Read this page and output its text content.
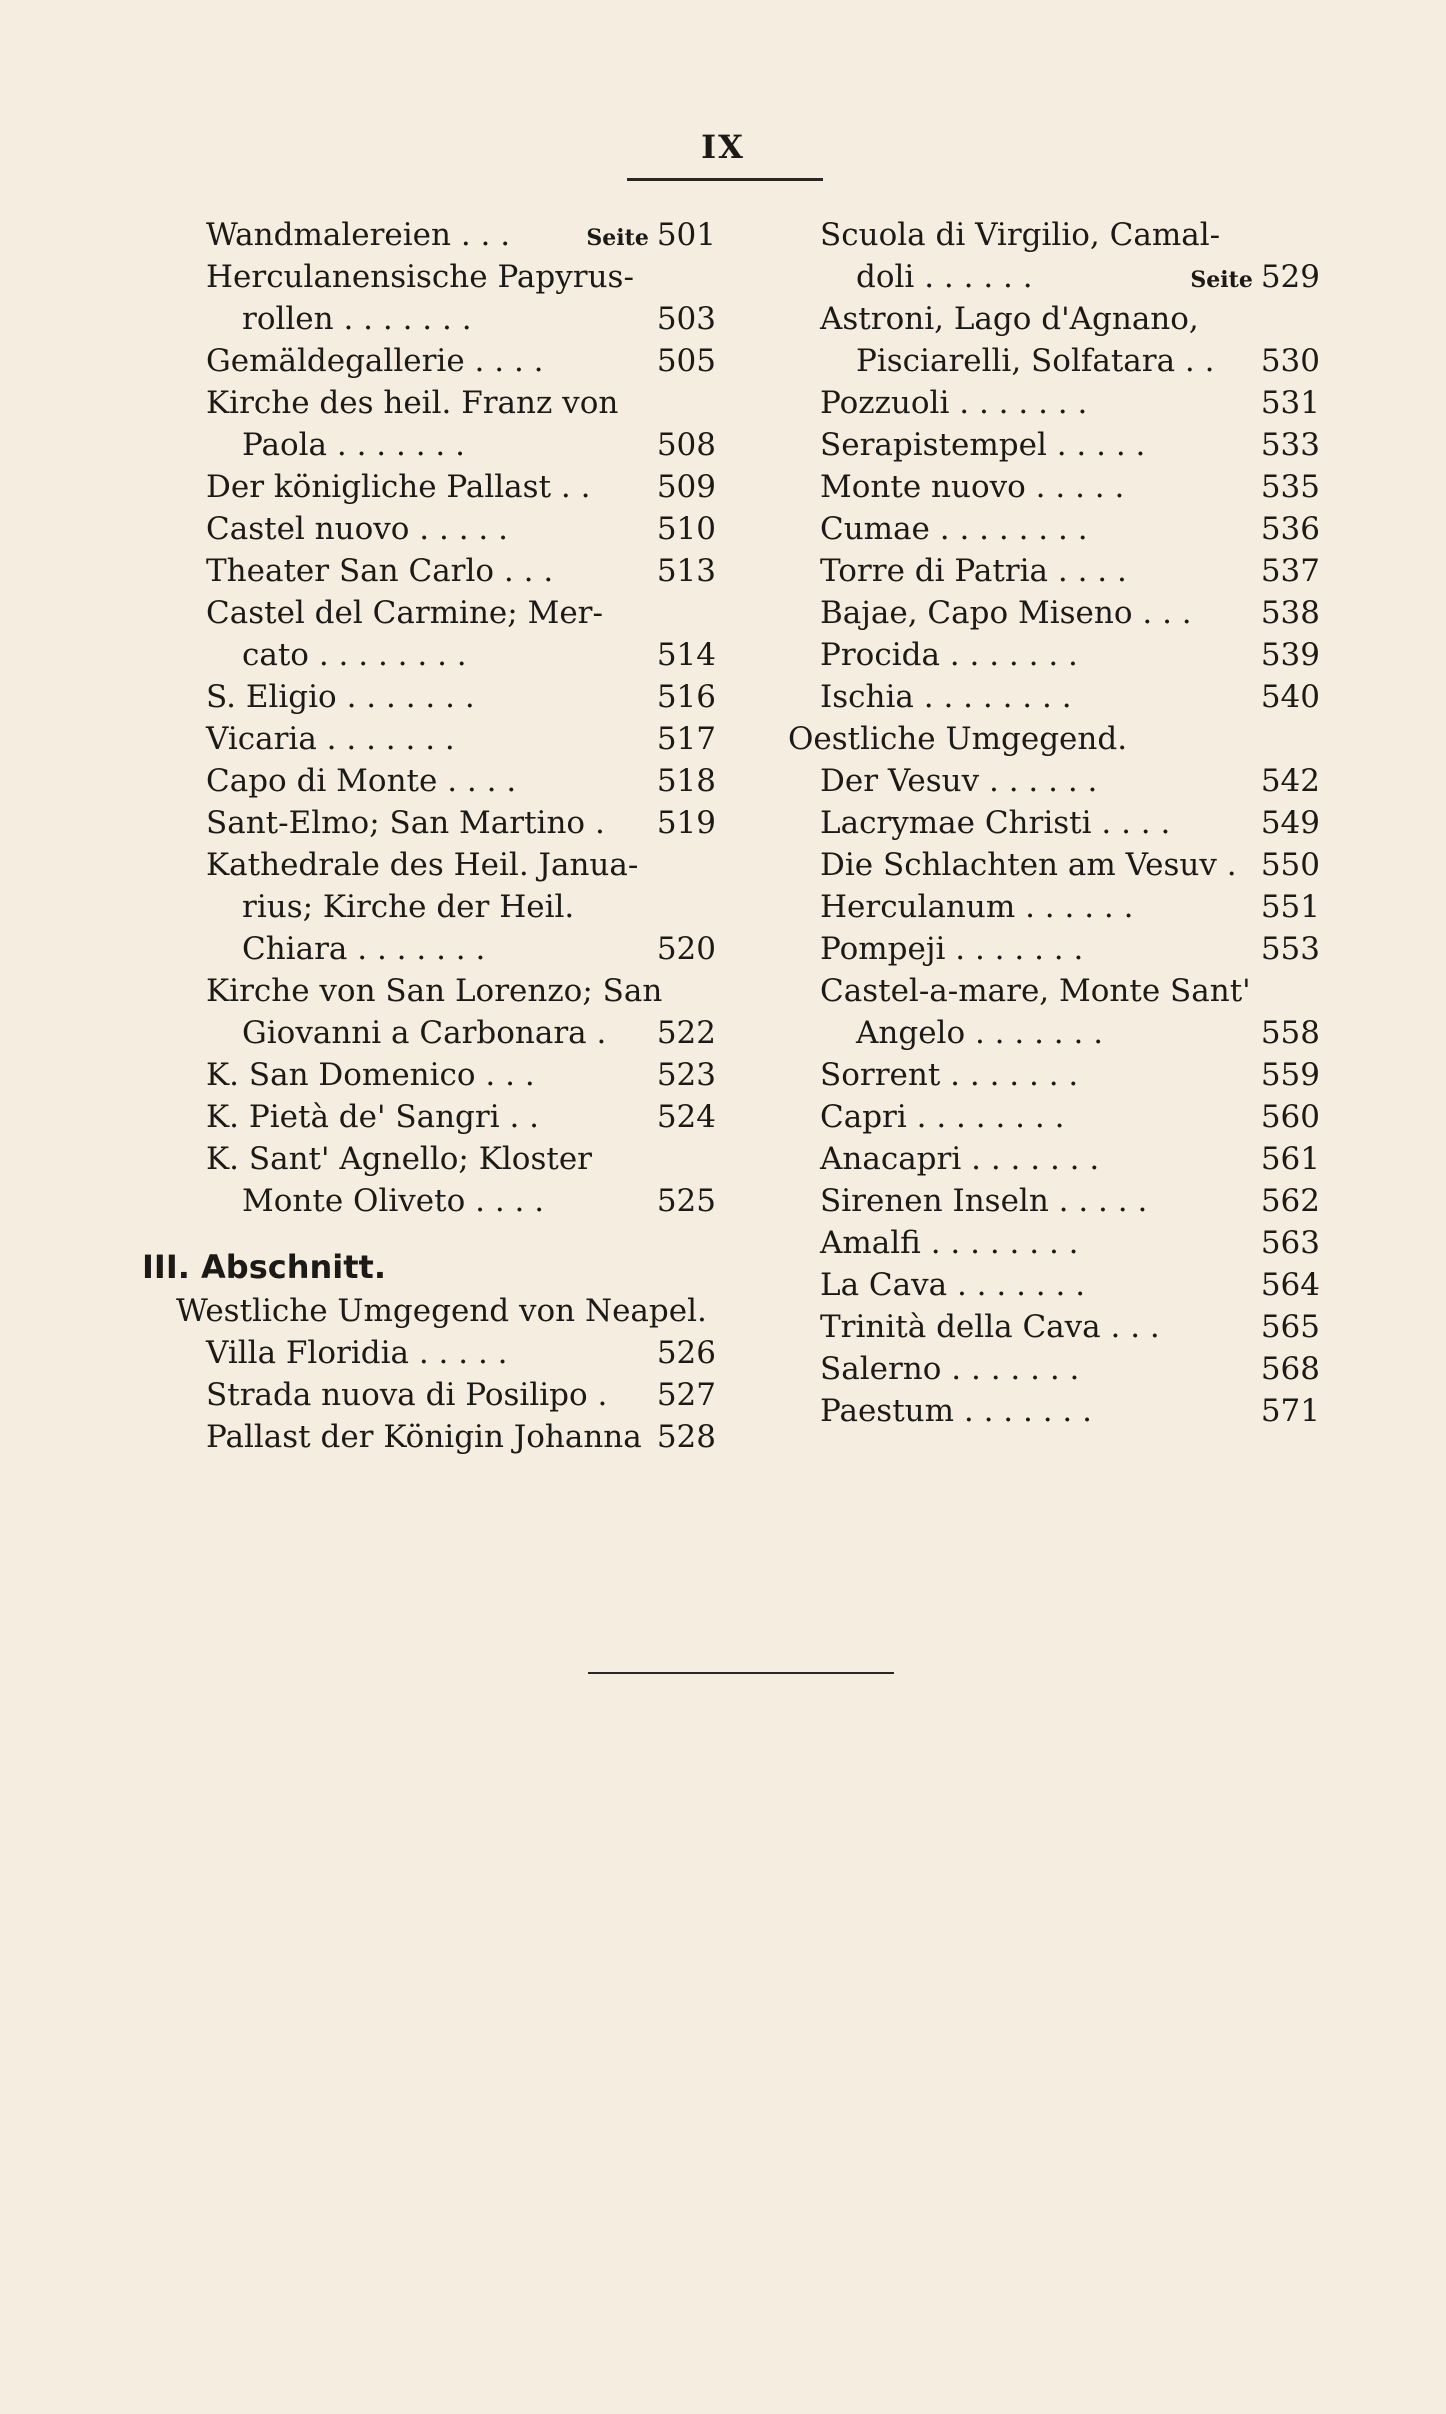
IX
Wandmalereien . . .	Seite 501
Herculanensische Papyrus-
rollen . . . . . . .	503
Gemäldegallerie . . . .	505
Kirche des heil. Franz von
Paola . . . . . . .	508
Der königliche Pallast . . 509
Castel nuovo . . . . .	510
Theater San Carlo . . .	513
Castel del Carmine; Mer-
cato . . . . . . . .	514
S. Eligio . . . . . . .	516
Vicaria . . . . . . .	517
Capo di Monte . . . .	518
Sant-Elmo; San Martino . 519
Kathedrale des Heil. Janua-
rius; Kirche der Heil.
Chiara . . . . . . .	520
Kirche von San Lorenzo; San
Giovanni a Carbonara . 522
K. San Domenico . . .	523
K. Pietà de' Sangri . .	524
K. Sant' Agnello; Kloster
Monte Oliveto . . . .	525
III. Abschnitt.
Westliche Umgegend von Neapel.
Villa Floridia . . . . .	526
Strada nuova di Posilipo . 527
Pallast der Königin Johanna 528
Scuola di Virgilio, Camal-
doli . . . . . .	Seite 529
Astroni, Lago d'Agnano,
Pisciarelli, Solfatara . . 530
Pozzuoli . . . . . . .	531
Serapistempel . . . . .	533
Monte nuovo . . . . .	535
Cumae . . . . . . . .	536
Torre di Patria . . . .	537
Bajae, Capo Miseno . . . 538
Procida . . . . . . .	539
Ischia . . . . . . . .	540
Oestliche Umgegend.
Der Vesuv . . . . . .	542
Lacrymae Christi . . . .	549
Die Schlachten am Vesuv . 550
Herculanum . . . . . .	551
Pompeji . . . . . . .	553
Castel-a-mare, Monte Sant'
Angelo . . . . . . .	558
Sorrent . . . . . . .	559
Capri . . . . . . . .	560
Anacapri . . . . . . .	561
Sirenen Inseln . . . . .	562
Amalfi . . . . . . . .	563
La Cava . . . . . . .	564
Trinità della Cava . . .	565
Salerno . . . . . . .	568
Paestum . . . . . . .	571
